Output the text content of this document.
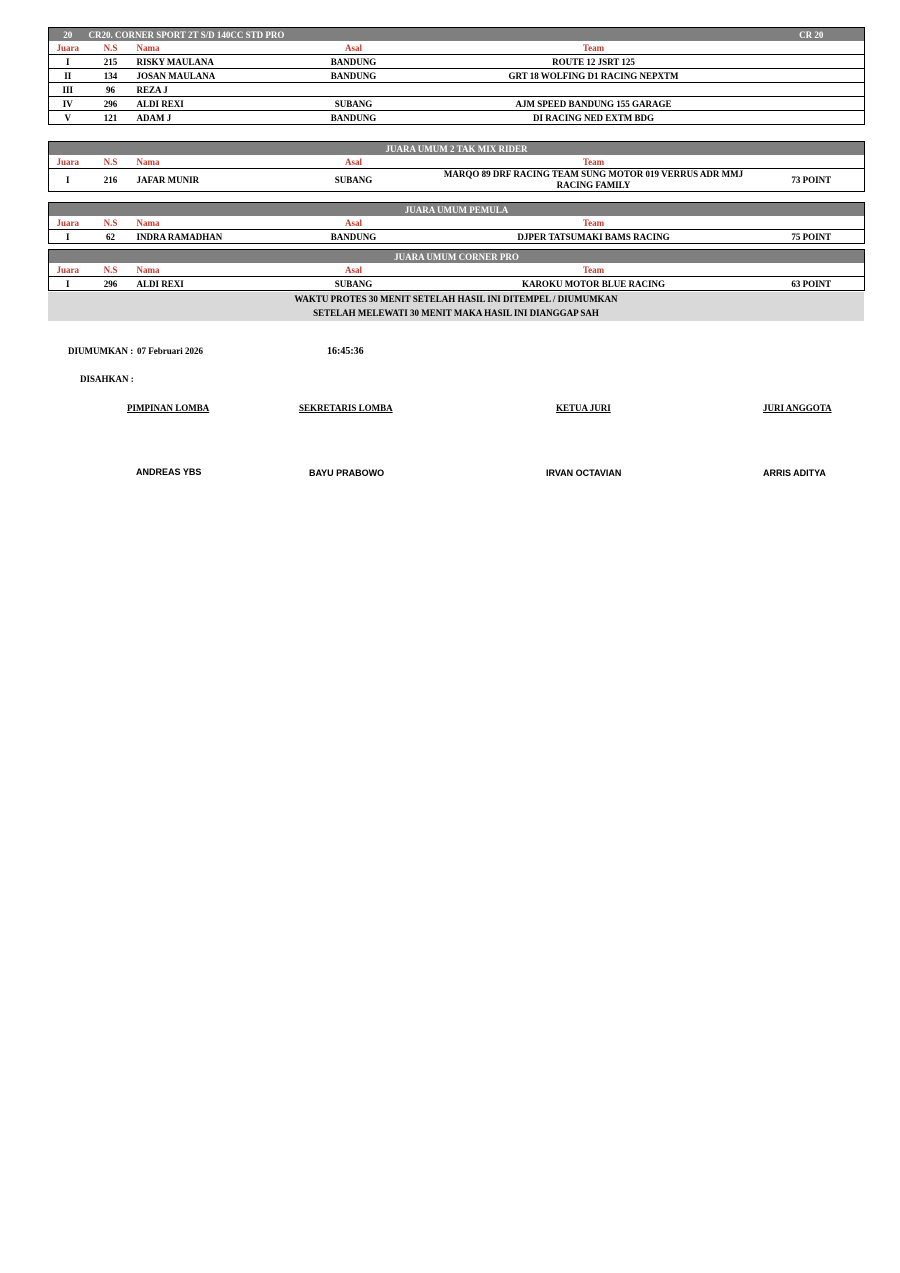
20	CR20. CORNER SPORT 2T S/D 140CC STD PRO				CR 20
Juara	N.S	Nama	Asal	Team	
I	215	RISKY MAULANA	BANDUNG	ROUTE 12 JSRT 125	
II	134	JOSAN MAULANA	BANDUNG	GRT 18 WOLFING D1 RACING NEPXTM	
III	96	REZA J			
IV	296	ALDI REXI	SUBANG	AJM SPEED BANDUNG 155 GARAGE	
V	121	ADAM J	BANDUNG	DI RACING NED EXTM BDG	
JUARA UMUM 2 TAK MIX RIDER					
Juara	N.S	Nama	Asal	Team	
I	216	JAFAR MUNIR	SUBANG	MARQO 89 DRF RACING TEAM SUNG MOTOR 019 VERRUS ADR MMJ RACING FAMILY	73 POINT
JUARA UMUM PEMULA					
Juara	N.S	Nama	Asal	Team	
I	62	INDRA RAMADHAN	BANDUNG	DJPER TATSUMAKI BAMS RACING	75 POINT
JUARA UMUM CORNER PRO					
Juara	N.S	Nama	Asal	Team	
I	296	ALDI REXI	SUBANG	KAROKU MOTOR BLUE RACING	63 POINT
WAKTU PROTES 30 MENIT SETELAH HASIL INI DITEMPEL / DIUMUMKAN
SETELAH MELEWATI 30 MENIT MAKA HASIL INI DIANGGAP SAH
DIUMUMKAN : 07 Februari 2026	16:45:36
DISAHKAN :
PIMPINAN LOMBA	SEKRETARIS LOMBA	KETUA JURI	JURI ANGGOTA
ANDREAS YBS	BAYU PRABOWO	IRVAN OCTAVIAN	ARRIS ADITYA
